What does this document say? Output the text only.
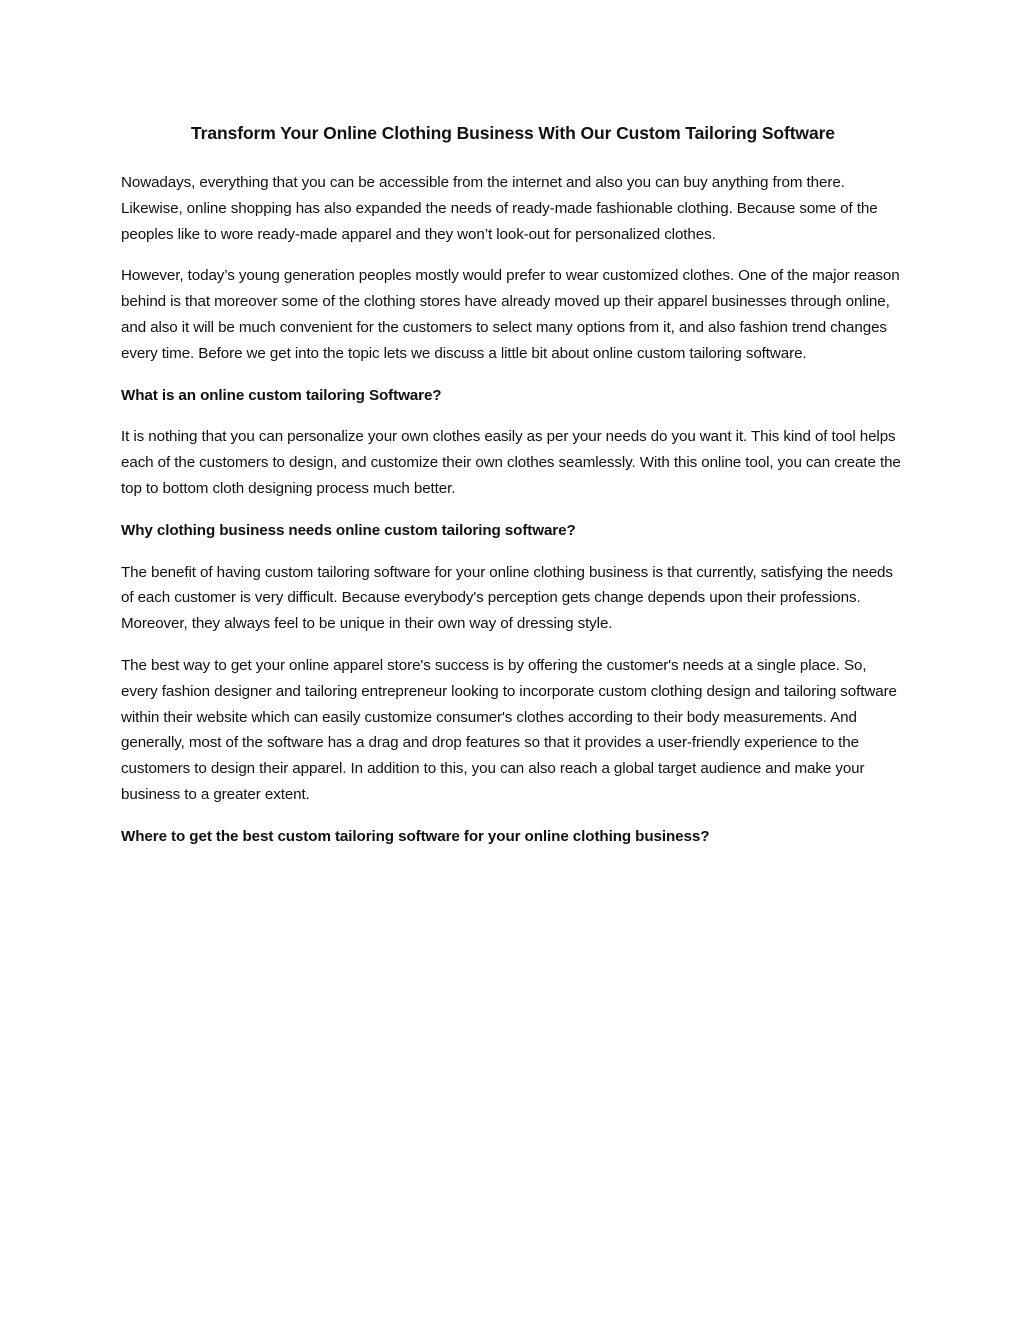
Transform Your Online Clothing Business With Our Custom Tailoring Software

Nowadays, everything that you can be accessible from the internet and also you can buy anything from there. Likewise, online shopping has also expanded the needs of ready-made fashionable clothing. Because some of the peoples like to wore ready-made apparel and they won’t look-out for personalized clothes.

However, today’s young generation peoples mostly would prefer to wear customized clothes. One of the major reason behind is that moreover some of the clothing stores have already moved up their apparel businesses through online, and also it will be much convenient for the customers to select many options from it, and also fashion trend changes every time. Before we get into the topic lets we discuss a little bit about online custom tailoring software.

What is an online custom tailoring Software?

It is nothing that you can personalize your own clothes easily as per your needs do you want it. This kind of tool helps each of the customers to design, and customize their own clothes seamlessly. With this online tool, you can create the top to bottom cloth designing process much better.

Why clothing business needs online custom tailoring software?

The benefit of having custom tailoring software for your online clothing business is that currently, satisfying the needs of each customer is very difficult. Because everybody's perception gets change depends upon their professions. Moreover, they always feel to be unique in their own way of dressing style.

The best way to get your online apparel store's success is by offering the customer's needs at a single place. So, every fashion designer and tailoring entrepreneur looking to incorporate custom clothing design and tailoring software within their website which can easily customize consumer's clothes according to their body measurements. And generally, most of the software has a drag and drop features so that it provides a user-friendly experience to the customers to design their apparel. In addition to this, you can also reach a global target audience and make your business to a greater extent.

Where to get the best custom tailoring software for your online clothing business?
